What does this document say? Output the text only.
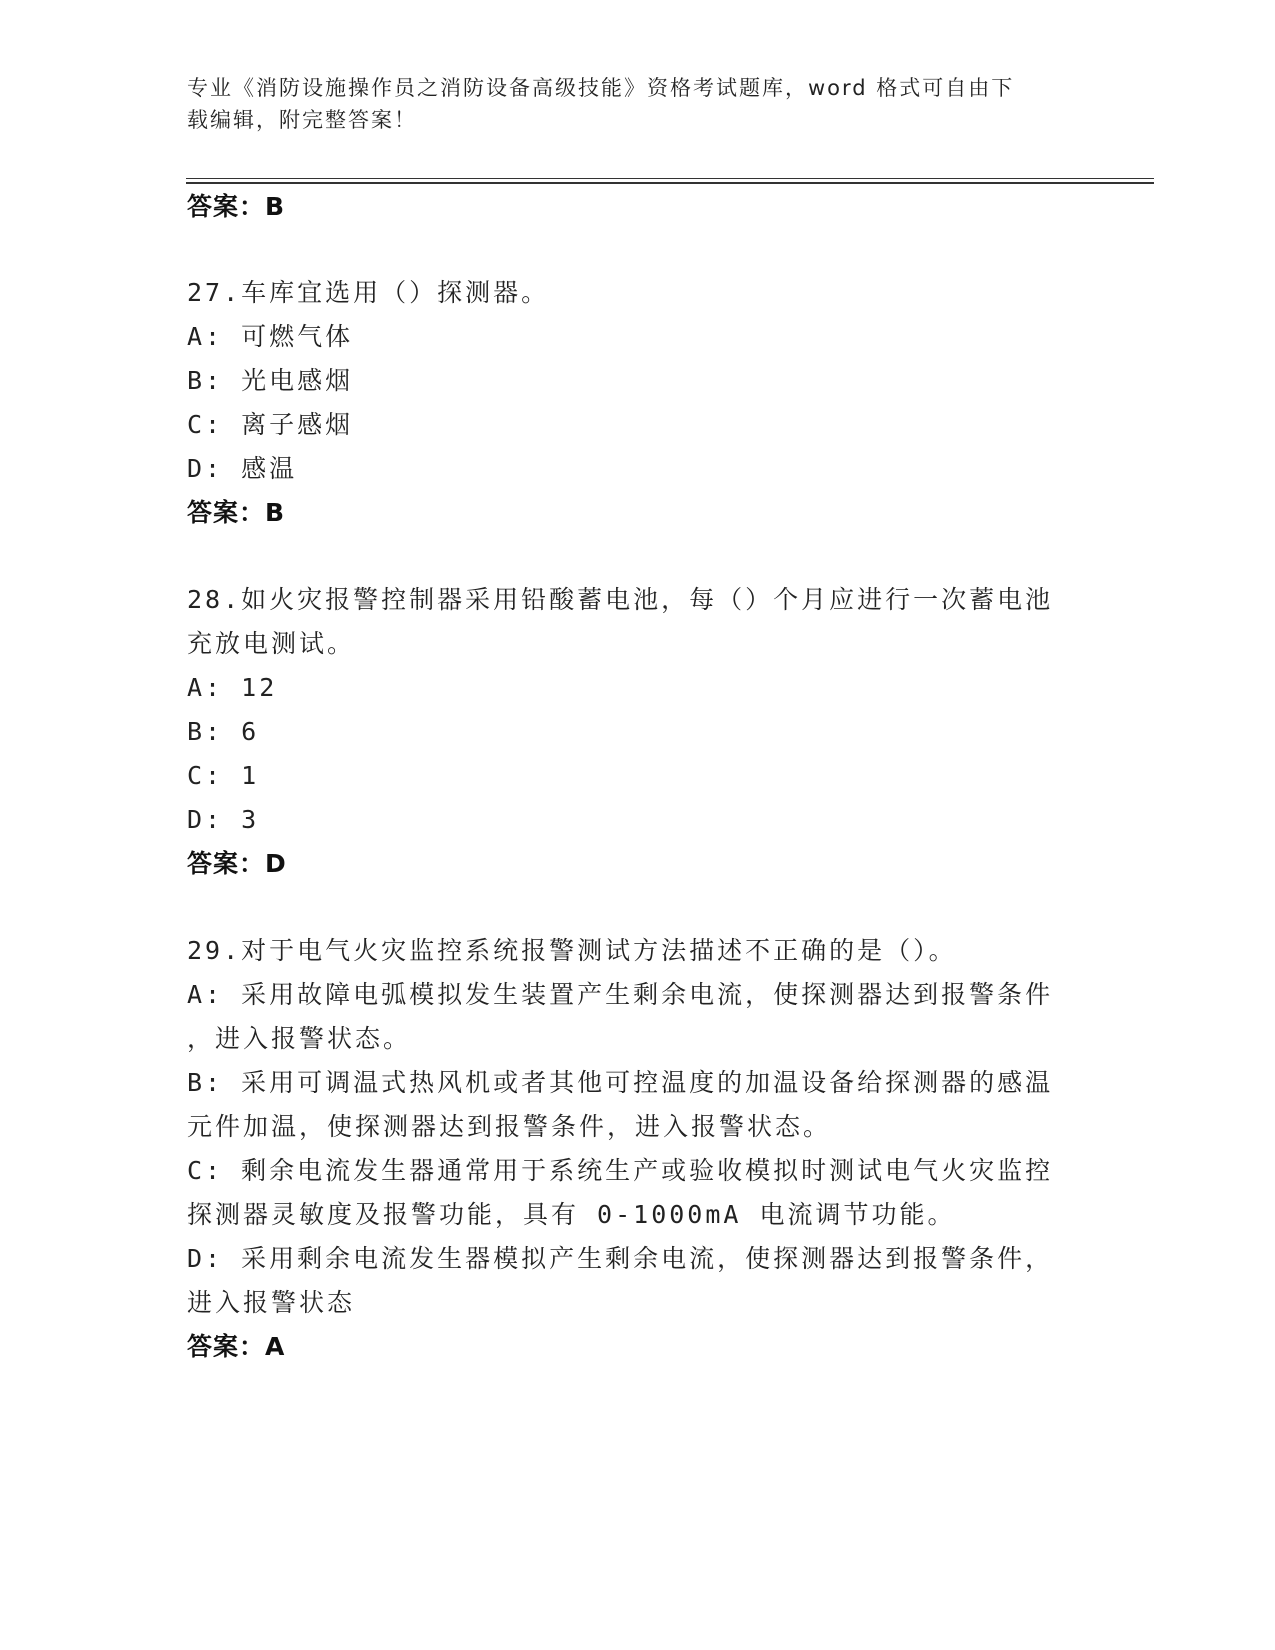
专业《消防设施操作员之消防设备高级技能》资格考试题库，word 格式可自由下
载编辑，附完整答案！
答案：B
27.车库宜选用（）探测器。
A: 可燃气体
B: 光电感烟
C: 离子感烟
D: 感温
答案：B
28.如火灾报警控制器采用铅酸蓄电池，每（）个月应进行一次蓄电池
充放电测试。
A: 12
B: 6
C: 1
D: 3
答案：D
29.对于电气火灾监控系统报警测试方法描述不正确的是（）。
A: 采用故障电弧模拟发生装置产生剩余电流，使探测器达到报警条件
，进入报警状态。
B: 采用可调温式热风机或者其他可控温度的加温设备给探测器的感温
元件加温，使探测器达到报警条件，进入报警状态。
C: 剩余电流发生器通常用于系统生产或验收模拟时测试电气火灾监控
探测器灵敏度及报警功能，具有 0-1000mA 电流调节功能。
D: 采用剩余电流发生器模拟产生剩余电流，使探测器达到报警条件，
进入报警状态
答案：A
